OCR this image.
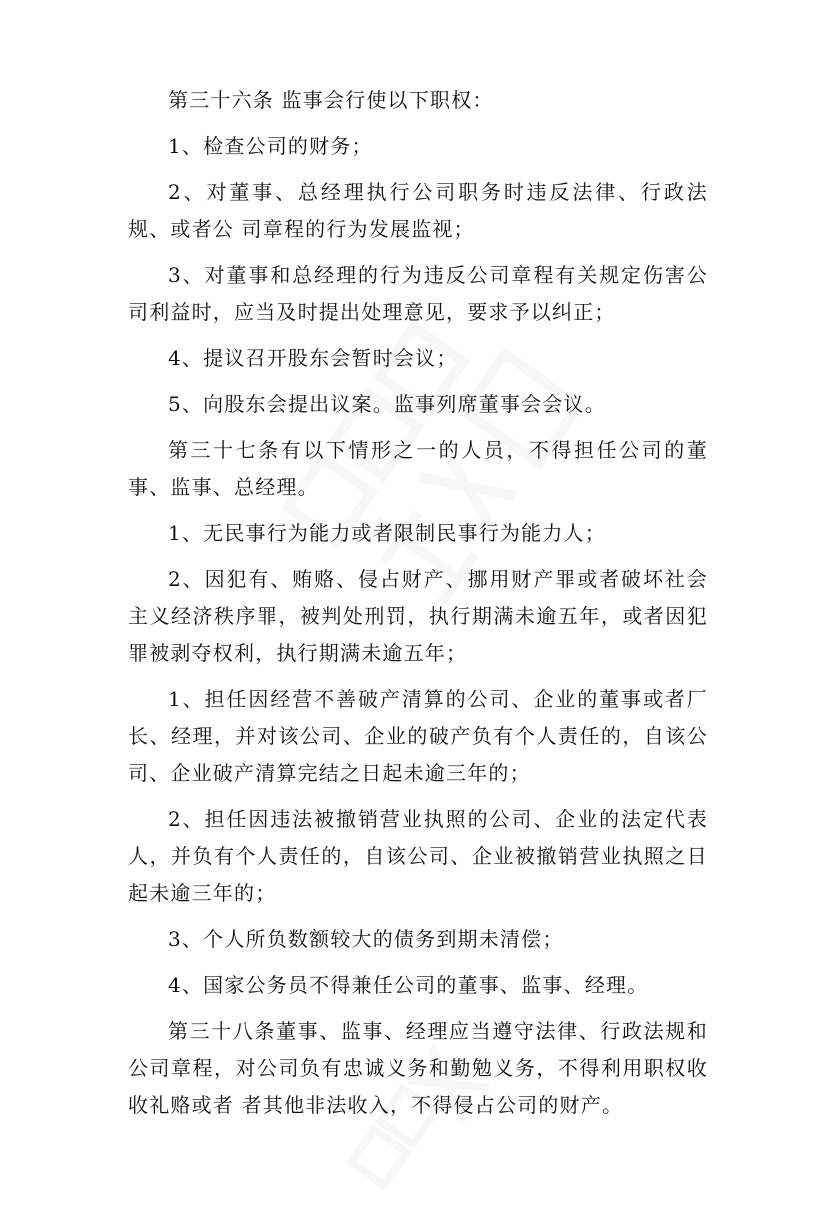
第三十六条 监事会行使以下职权：

1、检查公司的财务；

2、对董事、总经理执行公司职务时违反法律、行政法规、或者公 司章程的行为发展监视；

3、对董事和总经理的行为违反公司章程有关规定伤害公司利益时，应当及时提出处理意见，要求予以纠正；

4、提议召开股东会暂时会议；

5、向股东会提出议案。监事列席董事会会议。

第三十七条有以下情形之一的人员，不得担任公司的董事、监事、总经理。

1、无民事行为能力或者限制民事行为能力人；

2、因犯有、贿赂、侵占财产、挪用财产罪或者破坏社会主义经济秩序罪，被判处刑罚，执行期满未逾五年，或者因犯罪被剥夺权利，执行期满未逾五年；

1、担任因经营不善破产清算的公司、企业的董事或者厂长、经理，并对该公司、企业的破产负有个人责任的，自该公司、企业破产清算完结之日起未逾三年的；

2、担任因违法被撤销营业执照的公司、企业的法定代表人，并负有个人责任的，自该公司、企业被撤销营业执照之日起未逾三年的；

3、个人所负数额较大的债务到期未清偿；

4、国家公务员不得兼任公司的董事、监事、经理。

第三十八条董事、监事、经理应当遵守法律、行政法规和公司章程，对公司负有忠诚义务和勤勉义务，不得利用职权收收礼赂或者 者其他非法收入，不得侵占公司的财产。
